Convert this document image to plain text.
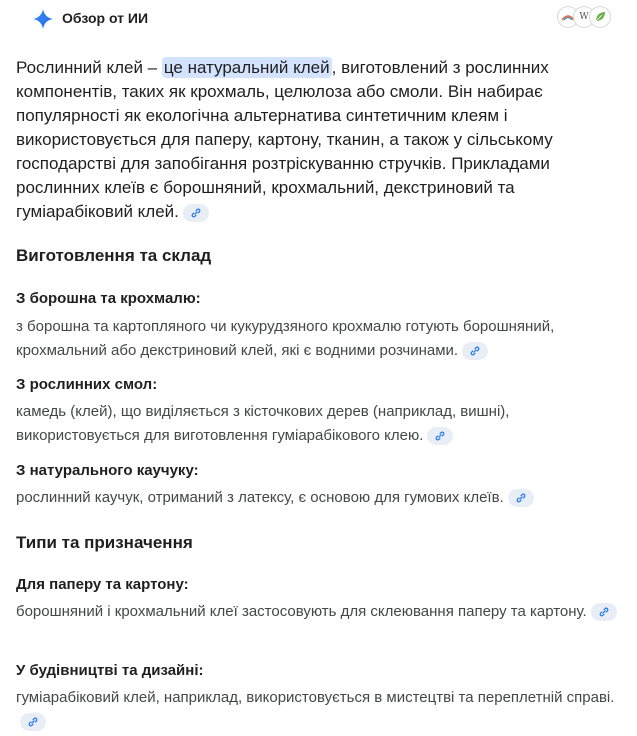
Обзор от ИИ	W

Рослинний клей – це натуральний клей , виготовлений з рослинних компонентів, таких як крохмаль, целюлоза або смоли. Він набирає популярності як екологічна альтернатива синтетичним клеям і використовується для паперу, картону, тканин, а також у сільському господарстві для запобігання розтріскуванню стручків. Прикладами рослинних клеїв є борошняний, крохмальний, декстриновий та гуміарабіковий клей.

Виготовлення та склад
З борошна та крохмалю:

з борошна та картопляного чи кукурудзяного крохмалю готують борошняний, крохмальний або декстриновий клей, які є водними розчинами.

З рослинних смол:

камедь (клей), що виділяється з кісточкових дерев (наприклад, вишні), використовується для виготовлення гуміарабікового клею.

З натурального каучуку:

рослинний каучук, отриманий з латексу, є основою для гумових клеїв.

Типи та призначення
Для паперу та картону:

борошняний і крохмальний клеї застосовують для склеювання паперу та картону.

У будівництві та дизайні:

гуміарабіковий клей, наприклад, використовується в мистецтві та переплетній справі.
